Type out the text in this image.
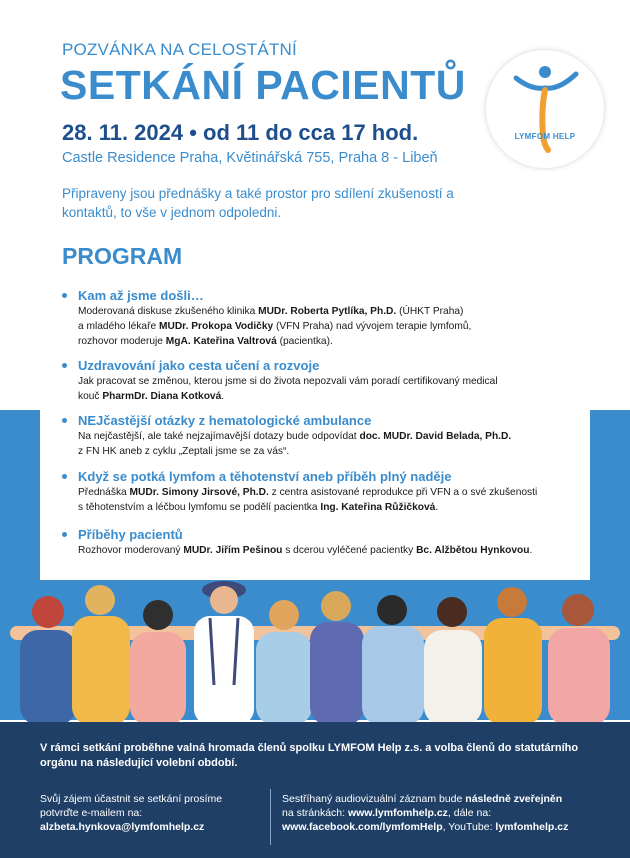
POZVÁNKA NA CELOSTÁTNÍ
SETKÁNÍ PACIENTŮ
28. 11. 2024 • od 11 do cca 17 hod.
Castle Residence Praha, Květinářská 755, Praha 8 - Libeň
Připraveny jsou přednášky a také prostor pro sdílení zkušeností a kontaktů, to vše v jednom odpoledni.
LYMFOM HELP
PROGRAM
Kam až jsme došli…
Moderovaná diskuse zkušeného klinika MUDr. Roberta Pytlíka, Ph.D. (ÚHKT Praha)
a mladého lékaře MUDr. Prokopa Vodičky (VFN Praha) nad vývojem terapie lymfomů,
rozhovor moderuje MgA. Kateřina Valtrová (pacientka).
Uzdravování jako cesta učení a rozvoje
Jak pracovat se změnou, kterou jsme si do života nepozvali vám poradí certifikovaný medical
kouč PharmDr. Diana Kotková.
NEJčastější otázky z hematologické ambulance
Na nejčastější, ale také nejzajímavější dotazy bude odpovídat doc. MUDr. David Belada, Ph.D.
z FN HK aneb z cyklu „Zeptali jsme se za vás“.
Když se potká lymfom a těhotenství aneb příběh plný naděje
Přednáška MUDr. Simony Jirsové, Ph.D. z centra asistované reprodukce při VFN a o své zkušenosti
s těhotenstvím a léčbou lymfomu se podělí pacientka Ing. Kateřina Růžičková.
Příběhy pacientů
Rozhovor moderovaný MUDr. Jiřím Pešinou s dcerou vyléčené pacientky Bc. Alžbětou Hynkovou.
V rámci setkání proběhne valná hromada členů spolku LYMFOM Help z.s. a volba členů do statutárního orgánu na následující volební období.
Svůj zájem účastnit se setkání prosíme
potvrďte e-mailem na:
alzbeta.hynkova@lymfomhelp.cz
Sestříhaný audiovizuální záznam bude následně zveřejněn
na stránkách: www.lymfomhelp.cz, dále na:
www.facebook.com/lymfomHelp, YouTube: lymfomhelp.cz
